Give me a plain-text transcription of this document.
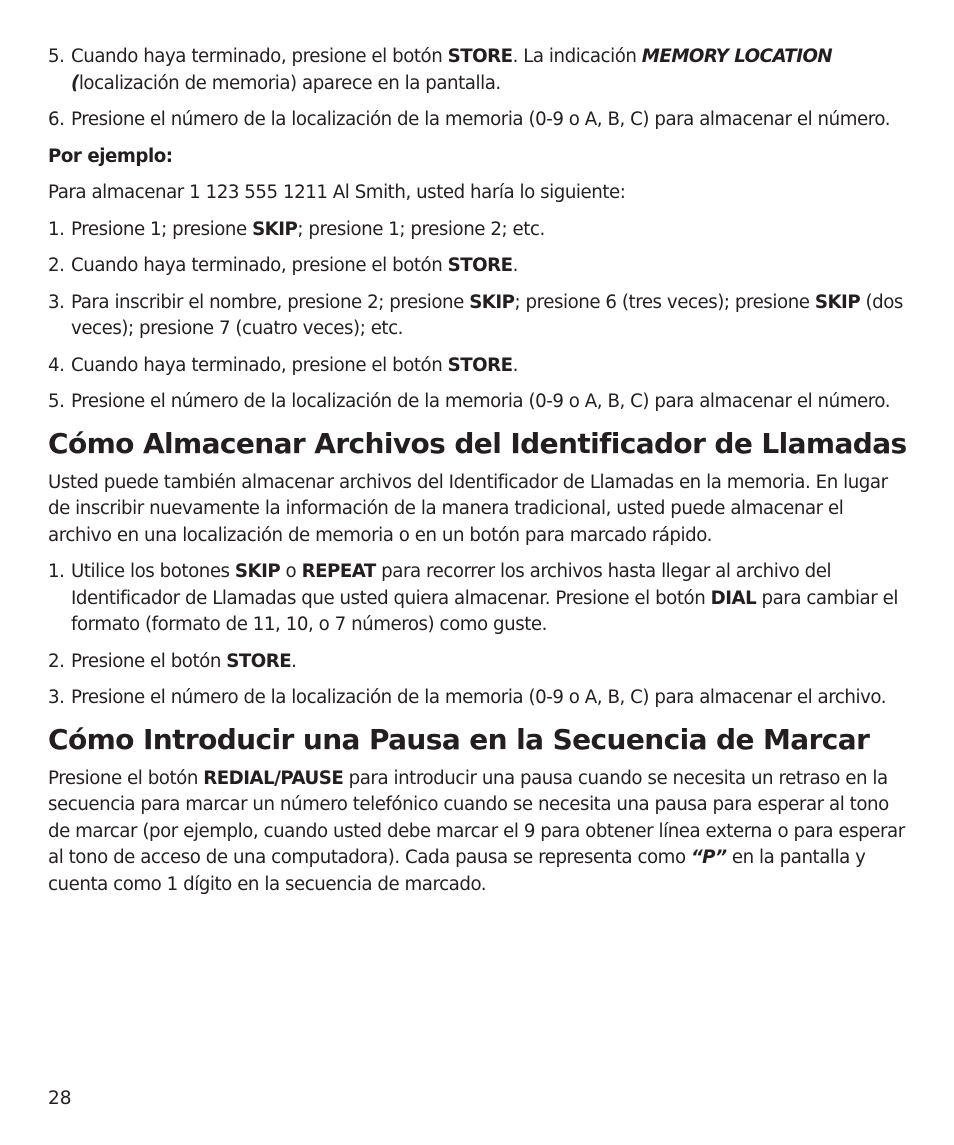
5. Cuando haya terminado, presione el botón STORE. La indicación MEMORY LOCATION (localización de memoria) aparece en la pantalla.
6. Presione el número de la localización de la memoria (0-9 o A, B, C) para almacenar el número.

Por ejemplo:

Para almacenar 1 123 555 1211 Al Smith, usted haría lo siguiente:

1. Presione 1; presione SKIP; presione 1; presione 2; etc.
2. Cuando haya terminado, presione el botón STORE.
3. Para inscribir el nombre, presione 2; presione SKIP; presione 6 (tres veces); presione SKIP (dos veces); presione 7 (cuatro veces); etc.
4. Cuando haya terminado, presione el botón STORE.
5. Presione el número de la localización de la memoria (0-9 o A, B, C) para almacenar el número.
Cómo Almacenar Archivos del Identificador de Llamadas

Usted puede también almacenar archivos del Identificador de Llamadas en la memoria. En lugar de inscribir nuevamente la información de la manera tradicional, usted puede almacenar el archivo en una localización de memoria o en un botón para marcado rápido.

1. Utilice los botones SKIP o REPEAT para recorrer los archivos hasta llegar al archivo del Identificador de Llamadas que usted quiera almacenar. Presione el botón DIAL para cambiar el formato (formato de 11, 10, o 7 números) como guste.
2. Presione el botón STORE.
3. Presione el número de la localización de la memoria (0-9 o A, B, C) para almacenar el archivo.
Cómo Introducir una Pausa en la Secuencia de Marcar

Presione el botón REDIAL/PAUSE para introducir una pausa cuando se necesita un retraso en la secuencia para marcar un número telefónico cuando se necesita una pausa para esperar al tono de marcar (por ejemplo, cuando usted debe marcar el 9 para obtener línea externa o para esperar al tono de acceso de una computadora). Cada pausa se representa como “P” en la pantalla y cuenta como 1 dígito en la secuencia de marcado.

28
